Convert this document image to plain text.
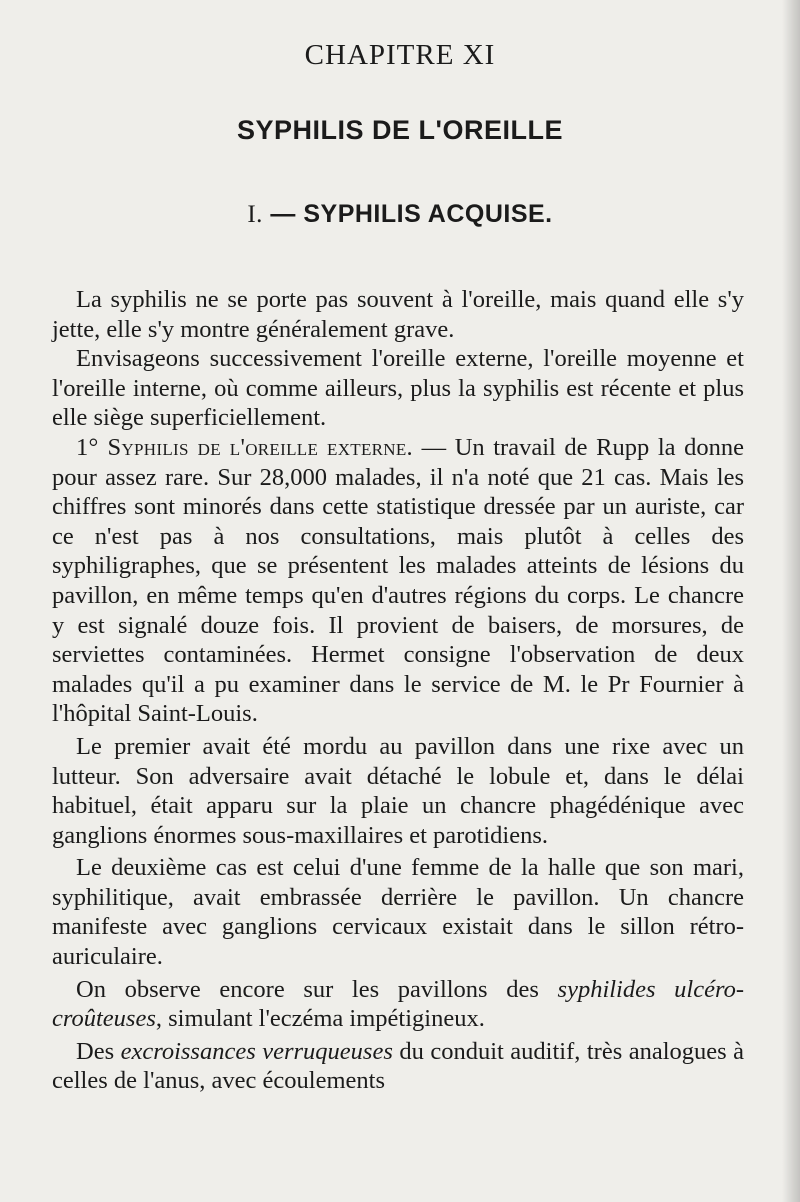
CHAPITRE XI
SYPHILIS DE L'OREILLE
I. — SYPHILIS ACQUISE.

La syphilis ne se porte pas souvent à l'oreille, mais quand elle s'y jette, elle s'y montre généralement grave.

Envisageons successivement l'oreille externe, l'oreille moyenne et l'oreille interne, où comme ailleurs, plus la syphilis est récente et plus elle siège superficiellement.

1° Syphilis de l'oreille externe. — Un travail de Rupp la donne pour assez rare. Sur 28,000 malades, il n'a noté que 21 cas. Mais les chiffres sont minorés dans cette statistique dressée par un auriste, car ce n'est pas à nos consultations, mais plutôt à celles des syphiligraphes, que se présentent les malades atteints de lésions du pavillon, en même temps qu'en d'autres régions du corps. Le chancre y est signalé douze fois. Il provient de baisers, de morsures, de serviettes contaminées. Hermet consigne l'observation de deux malades qu'il a pu examiner dans le service de M. le Pr Fournier à l'hôpital Saint-Louis.

Le premier avait été mordu au pavillon dans une rixe avec un lutteur. Son adversaire avait détaché le lobule et, dans le délai habituel, était apparu sur la plaie un chancre phagédénique avec ganglions énormes sous-maxillaires et parotidiens.

Le deuxième cas est celui d'une femme de la halle que son mari, syphilitique, avait embrassée derrière le pavillon. Un chancre manifeste avec ganglions cervicaux existait dans le sillon rétro-auriculaire.

On observe encore sur les pavillons des syphilides ulcéro-croûteuses, simulant l'eczéma impétigineux.

Des excroissances verruqueuses du conduit auditif, très analogues à celles de l'anus, avec écoulements
